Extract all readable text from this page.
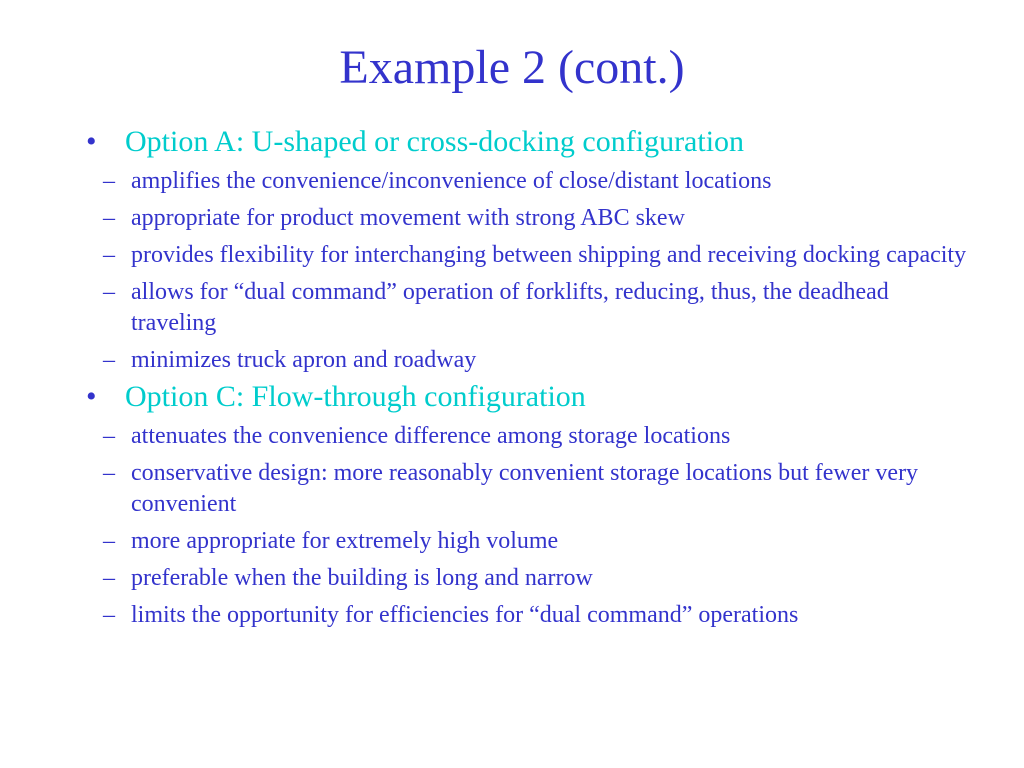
Example 2 (cont.)
• Option A: U-shaped or cross-docking configuration
– amplifies the convenience/inconvenience of close/distant locations
– appropriate for product movement with strong ABC skew
– provides flexibility for interchanging between shipping and receiving docking capacity
– allows for “dual command” operation of forklifts, reducing, thus, the deadhead traveling
– minimizes truck apron and roadway
• Option C: Flow-through configuration
– attenuates the convenience difference among storage locations
– conservative design: more reasonably convenient storage locations but fewer very convenient
– more appropriate for extremely high volume
– preferable when the building is long and narrow
– limits the opportunity for efficiencies for “dual command” operations
